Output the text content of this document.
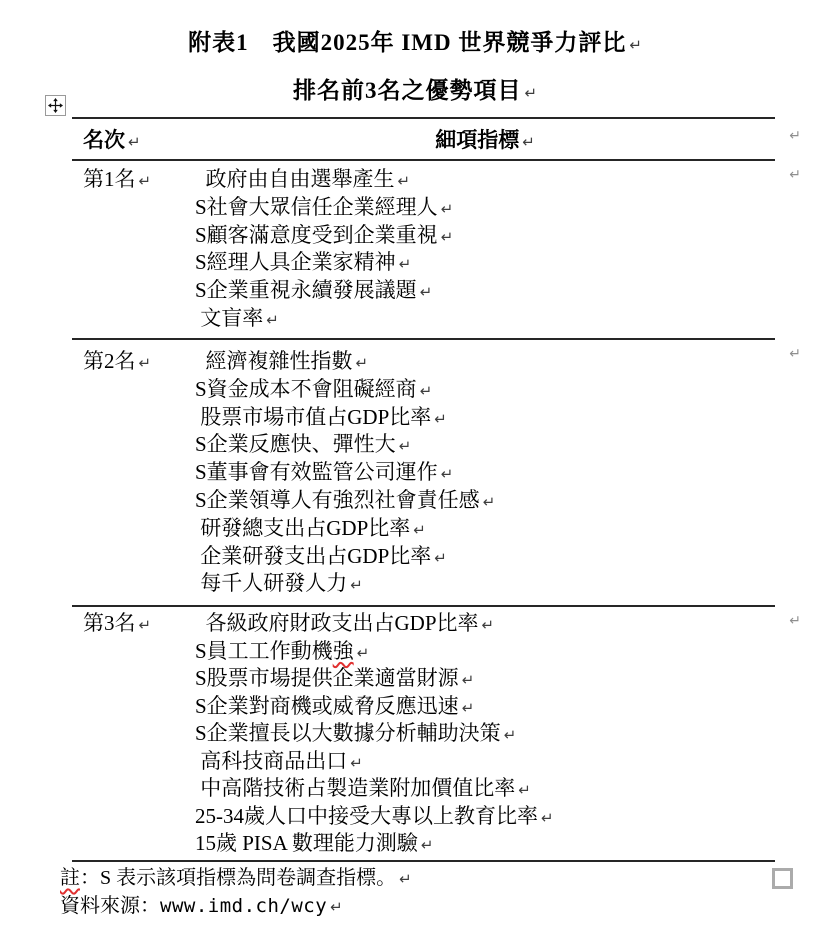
附表1　我國2025年 IMD 世界競爭力評比 ↵
排名前3名之優勢項目 ↵
名次 ↵	細項指標 ↵	↵
第1名 ↵	政府由自由選舉產生 ↵
S社會大眾信任企業經理人 ↵
S顧客滿意度受到企業重視 ↵
S經理人具企業家精神 ↵
S企業重視永續發展議題 ↵
文盲率 ↵
↵
第2名 ↵	經濟複雜性指數 ↵
S資金成本不會阻礙經商 ↵
股票市場市值占GDP比率 ↵
S企業反應快、彈性大 ↵
S董事會有效監管公司運作 ↵
S企業領導人有強烈社會責任感 ↵
研發總支出占GDP比率 ↵
企業研發支出占GDP比率 ↵
每千人研發人力 ↵
↵
第3名 ↵	各級政府財政支出占GDP比率 ↵
S員工工作動機強 ↵
S股票市場提供企業適當財源 ↵
S企業對商機或威脅反應迅速 ↵
S企業擅長以大數據分析輔助決策 ↵
高科技商品出口 ↵
中高階技術占製造業附加價值比率 ↵
25-34歲人口中接受大專以上教育比率 ↵
15歲 PISA 數理能力測驗 ↵
↵
註：S 表示該項指標為問卷調查指標。 ↵
資料來源：www.imd.ch/wcy ↵
